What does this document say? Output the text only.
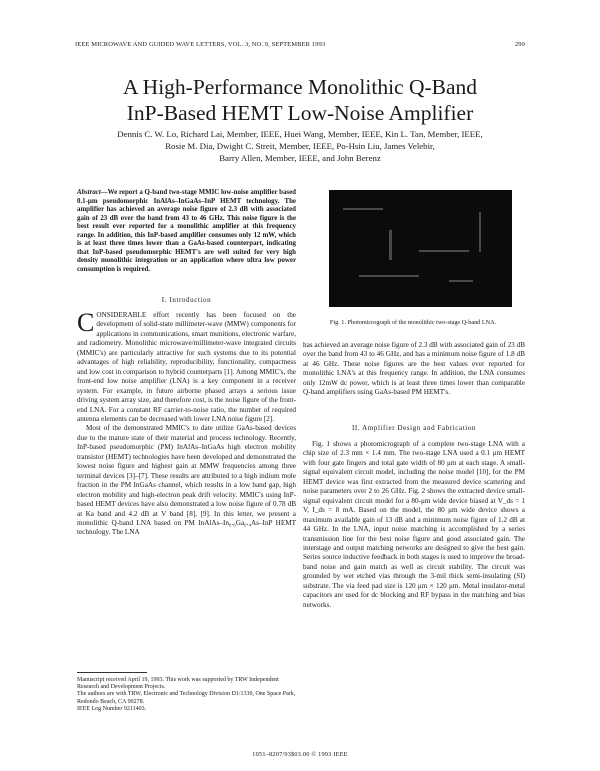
IEEE MICROWAVE AND GUIDED WAVE LETTERS, VOL. 3, NO. 9, SEPTEMBER 1993	299
A High-Performance Monolithic Q-Band
InP-Based HEMT Low-Noise Amplifier
Dennis C. W. Lo, Richard Lai, Member, IEEE, Huei Wang, Member, IEEE, Kin L. Tan, Member, IEEE,
Rosie M. Dia, Dwight C. Streit, Member, IEEE, Po-Hsin Liu, James Velebir,
Barry Allen, Member, IEEE, and John Berenz
Abstract—We report a Q-band two-stage MMIC low-noise amplifier based 0.1-μm pseudomorphic InAlAs–InGaAs–InP HEMT technology. The amplifier has achieved an average noise figure of 2.3 dB with associated gain of 23 dB over the band from 43 to 46 GHz. This noise figure is the best result ever reported for a monolithic amplifier at this frequency range. In addition, this InP-based amplifier consumes only 12 mW, which is at least three times lower than a GaAs-based counterpart, indicating that InP-based pseudomorphic HEMT's are well suited for very high density monolithic integration or an application where ultra low power consumption is required.

I. Introduction

CONSIDERABLE effort recently has been focused on the development of solid-state millimeter-wave (MMW) components for applications in communications, smart munitions, electronic warfare, and radiometry. Monolithic microwave/millimeter-wave integrated circuits (MMIC's) are particularly attractive for such systems due to its potential advantages of high reliability, reproducibility, functionality, compactness and low cost in comparison to hybrid counterparts [1]. Among MMIC's, the front-end low noise amplifier (LNA) is a key component in a receiver system. For example, in future airborne phased arrays a serious issue driving system array size, and therefore cost, is the noise figure of the front-end LNA. For a constant RF carrier-to-noise ratio, the number of required antenna elements can be decreased with lower LNA noise figure [2].

Most of the demonstrated MMIC's to date utilize GaAs-based devices due to the mature state of their material and process technology. Recently, InP-based pseudomorphic (PM) InAlAs–InGaAs high electron mobility transistor (HEMT) technologies have been developed and demonstrated the lowest noise figure and highest gain at MMW frequencies among three terminal devices [3]–[7]. These results are attributed to a high indium mole fraction in the PM InGaAs channel, which results in a low band gap, high electron mobility and high-electron peak drift velocity. MMIC's using InP-based HEMT devices have also demonstrated a low noise figure of 0.78 dB at Ka band and 4.2 dB at V band [8], [9]. In this letter, we present a monolithic Q-band LNA based on PM InAlAs–In₀.₆Ga₀.₄As–InP HEMT technology. The LNA

Manuscript received April 19, 1993. This work was supported by TRW Independent Research and Development Projects.
The authors are with TRW, Electronic and Technology Division D1/1330, One Space Park, Redondo Beach, CA 90278.
IEEE Log Number 9211403.
Fig. 1. Photomicrograph of the monolithic two-stage Q-band LNA.

has achieved an average noise figure of 2.3 dB with associated gain of 23 dB over the band from 43 to 46 GHz, and has a minimum noise figure of 1.8 dB at 46 GHz. These noise figures are the best values ever reported for monolithic LNA's at this frequency range. In addition, the LNA consumes only 12mW dc power, which is at least three times lower than comparable Q-band amplifiers using GaAs-based PM HEMT's.

II. Amplifier Design and Fabrication

Fig. 1 shows a photomicrograph of a complete two-stage LNA with a chip size of 2.3 mm × 1.4 mm. The two-stage LNA used a 0.1 μm HEMT with four gate fingers and total gate width of 80 μm at each stage. A small-signal equivalent circuit model, including the noise model [10], for the PM HEMT device was first extracted from the measured device scattering and noise parameters over 2 to 26 GHz. Fig. 2 shows the extracted device small-signal equivalent circuit model for a 80-μm wide device biased at V_ds = 1 V, I_ds = 8 mA. Based on the model, the 80 μm wide device shows a maximum available gain of 13 dB and a minimum noise figure of 1.2 dB at 44 GHz. In the LNA, input noise matching is accomplished by a series transmission line for the best noise figure and good associated gain. The interstage and output matching networks are designed to give the best gain. Series source inductive feedback in both stages is used to improve the broad-band noise and gain match as well as circuit stability. The circuit was grounded by wet etched vias through the 3-mil thick semi-insulating (SI) substrate. The via feed pad size is 120 μm × 120 μm. Metal insulator-metal capacitors are used for dc blocking and RF bypass in the matching and bias networks.

1051–8207/93$03.00 © 1993 IEEE
